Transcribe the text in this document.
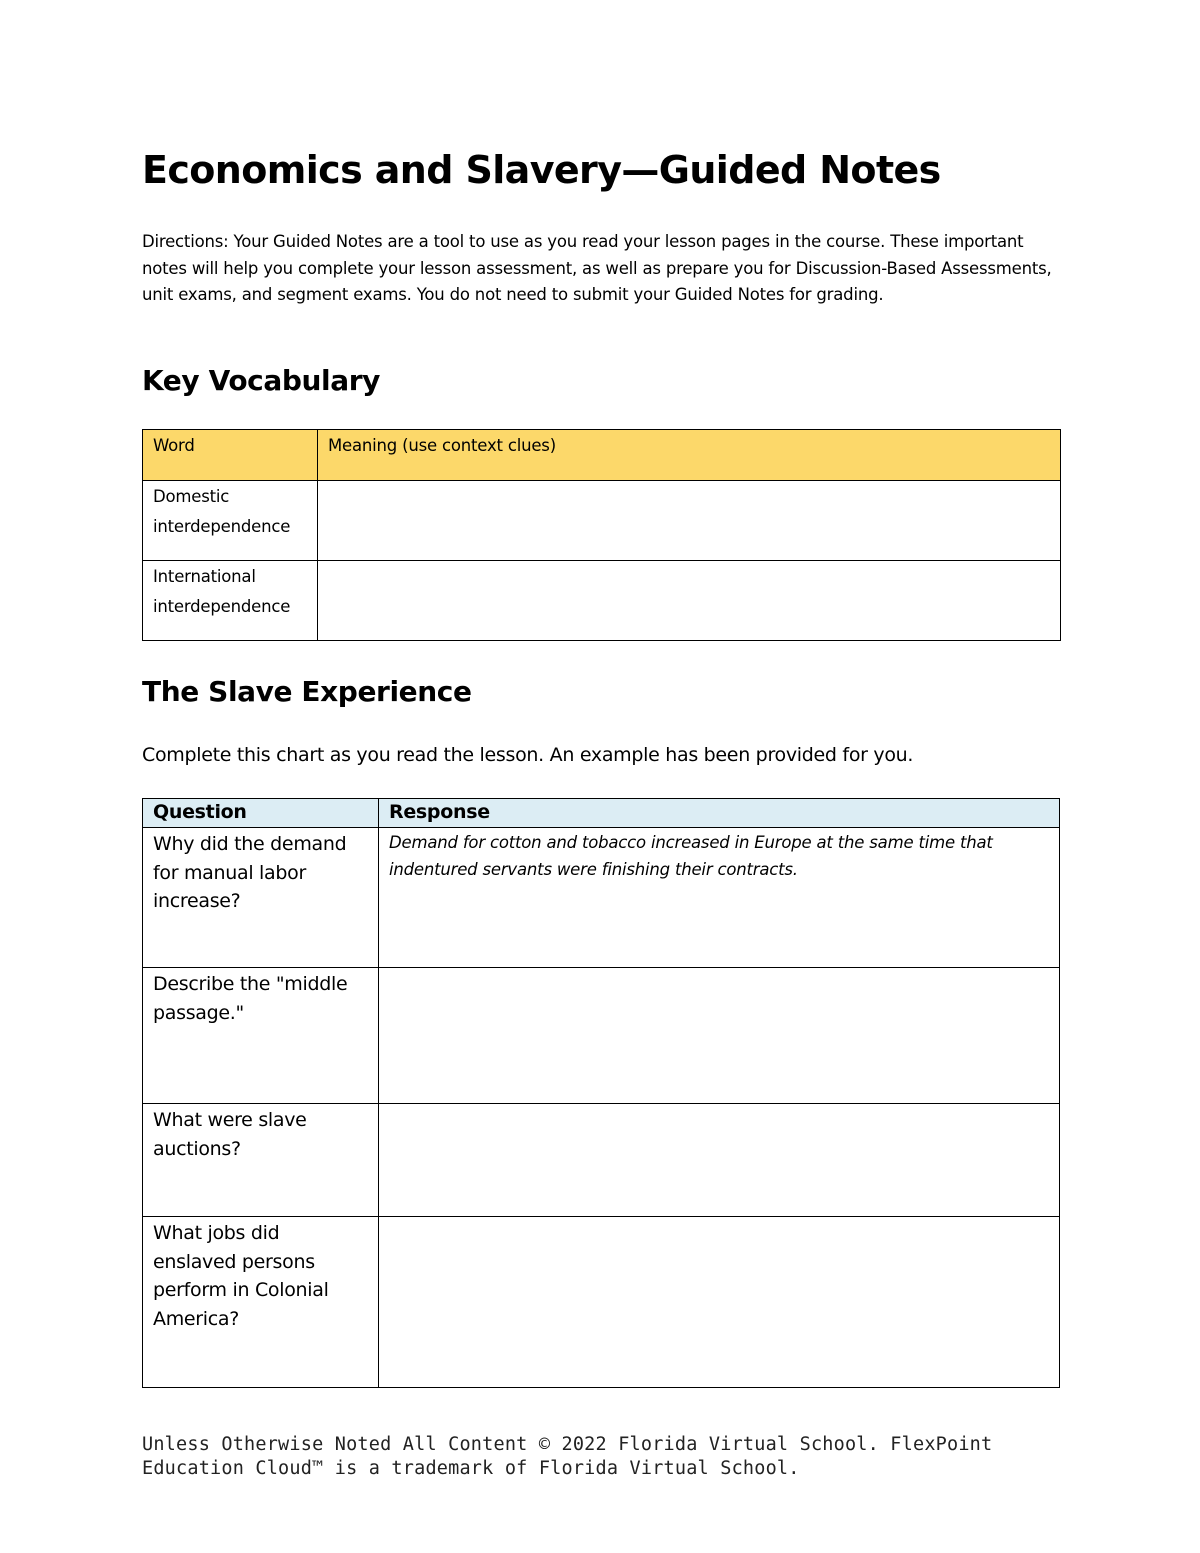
Economics and Slavery—Guided Notes

Directions: Your Guided Notes are a tool to use as you read your lesson pages in the course. These important notes will help you complete your lesson assessment, as well as prepare you for Discussion-Based Assessments, unit exams, and segment exams. You do not need to submit your Guided Notes for grading.

Key Vocabulary
Word	Meaning (use context clues)
Domestic interdependence	
International interdependence	
The Slave Experience

Complete this chart as you read the lesson. An example has been provided for you.

Question	Response
Why did the demand for manual labor increase?	Demand for cotton and tobacco increased in Europe at the same time that indentured servants were finishing their contracts.
Describe the "middle passage."	
What were slave auctions?	
What jobs did enslaved persons perform in Colonial America?	

Unless Otherwise Noted All Content © 2022 Florida Virtual School. FlexPoint
Education Cloud™ is a trademark of Florida Virtual School.
